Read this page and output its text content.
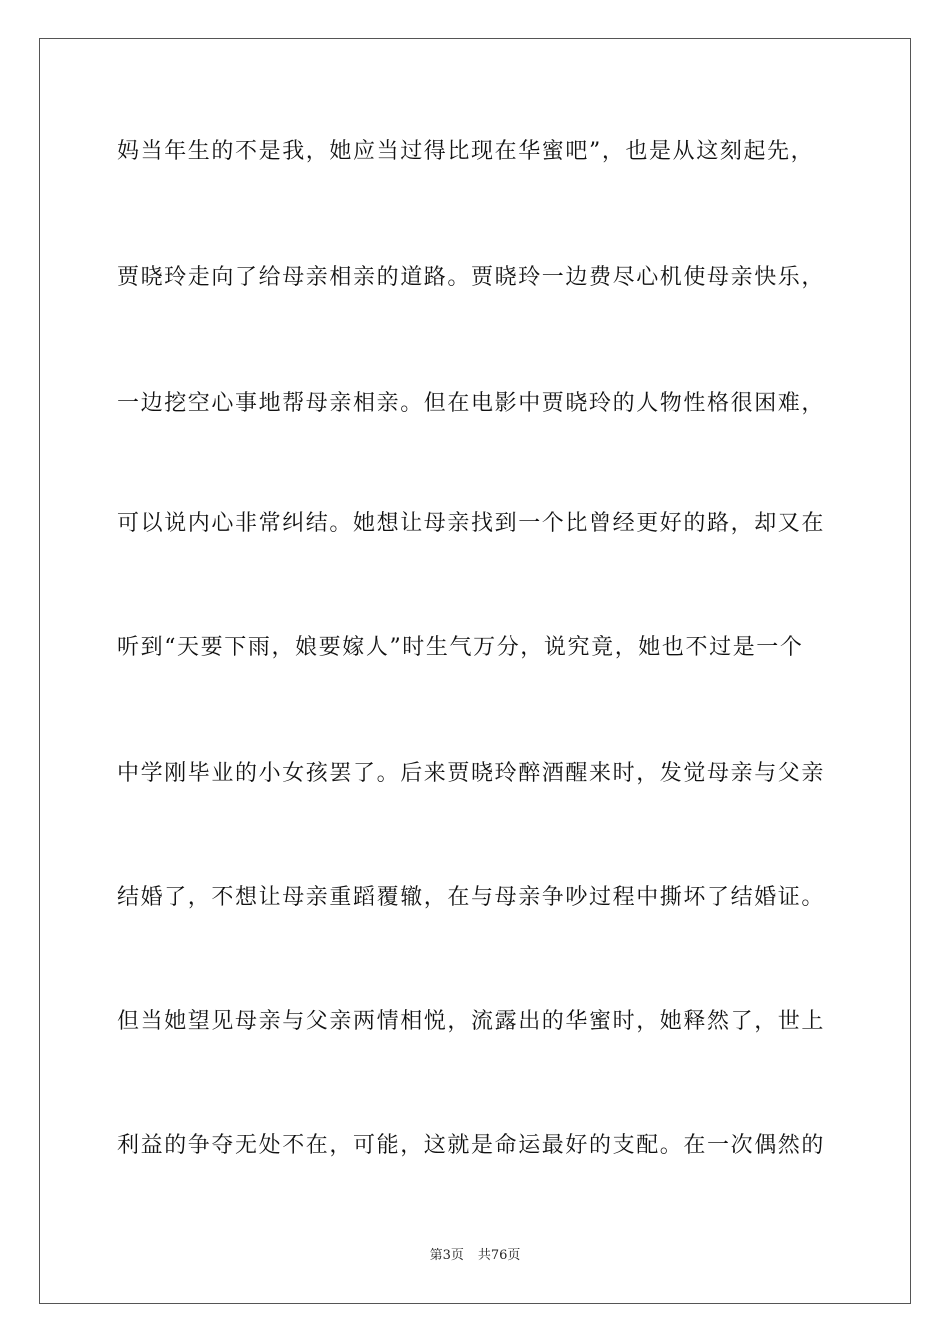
妈当年生的不是我，她应当过得比现在华蜜吧”，也是从这刻起先，
贾晓玲走向了给母亲相亲的道路。贾晓玲一边费尽心机使母亲快乐，
一边挖空心事地帮母亲相亲。但在电影中贾晓玲的人物性格很困难，
可以说内心非常纠结。她想让母亲找到一个比曾经更好的路，却又在
听到“天要下雨，娘要嫁人”时生气万分，说究竟，她也不过是一个
中学刚毕业的小女孩罢了。后来贾晓玲醉酒醒来时，发觉母亲与父亲
结婚了，不想让母亲重蹈覆辙，在与母亲争吵过程中撕坏了结婚证。
但当她望见母亲与父亲两情相悦，流露出的华蜜时，她释然了，世上
利益的争夺无处不在，可能，这就是命运最好的支配。在一次偶然的
第3页 共76页
